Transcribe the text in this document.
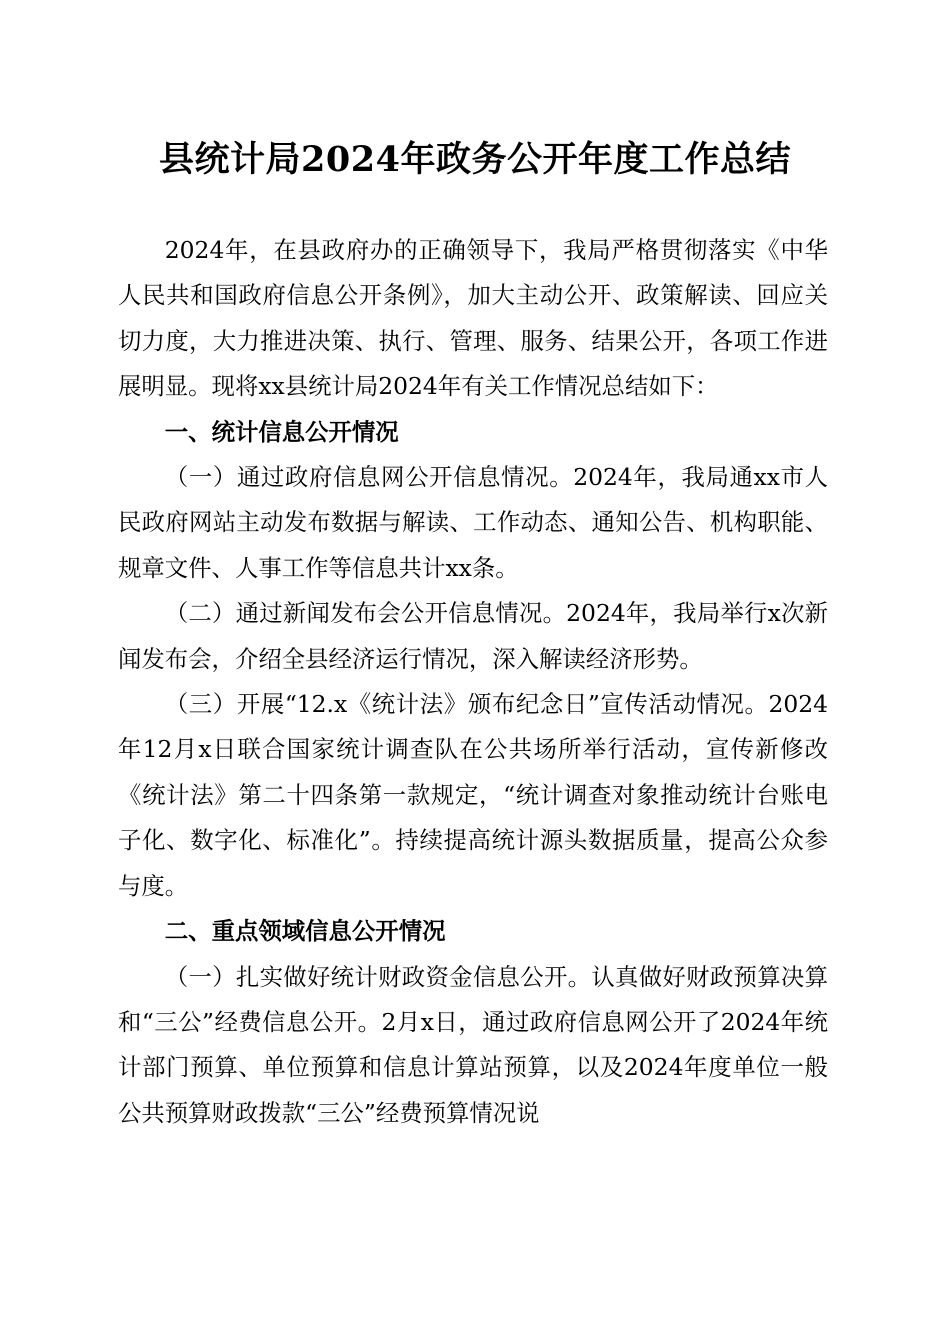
县统计局2024年政务公开年度工作总结

2024年，在县政府办的正确领导下，我局严格贯彻落实《中华人民共和国政府信息公开条例》，加大主动公开、政策解读、回应关切力度，大力推进决策、执行、管理、服务、结果公开，各项工作进展明显。现将xx县统计局2024年有关工作情况总结如下：

一、统计信息公开情况

（一）通过政府信息网公开信息情况。2024年，我局通xx市人民政府网站主动发布数据与解读、工作动态、通知公告、机构职能、规章文件、人事工作等信息共计xx条。

（二）通过新闻发布会公开信息情况。2024年，我局举行x次新闻发布会，介绍全县经济运行情况，深入解读经济形势。

（三）开展“12.x《统计法》颁布纪念日”宣传活动情况。2024年12月x日联合国家统计调查队在公共场所举行活动，宣传新修改《统计法》第二十四条第一款规定，“统计调查对象推动统计台账电子化、数字化、标准化”。持续提高统计源头数据质量，提高公众参与度。

二、重点领域信息公开情况

（一）扎实做好统计财政资金信息公开。认真做好财政预算决算和“三公”经费信息公开。2月x日，通过政府信息网公开了2024年统计部门预算、单位预算和信息计算站预算，以及2024年度单位一般公共预算财政拨款“三公”经费预算情况说
